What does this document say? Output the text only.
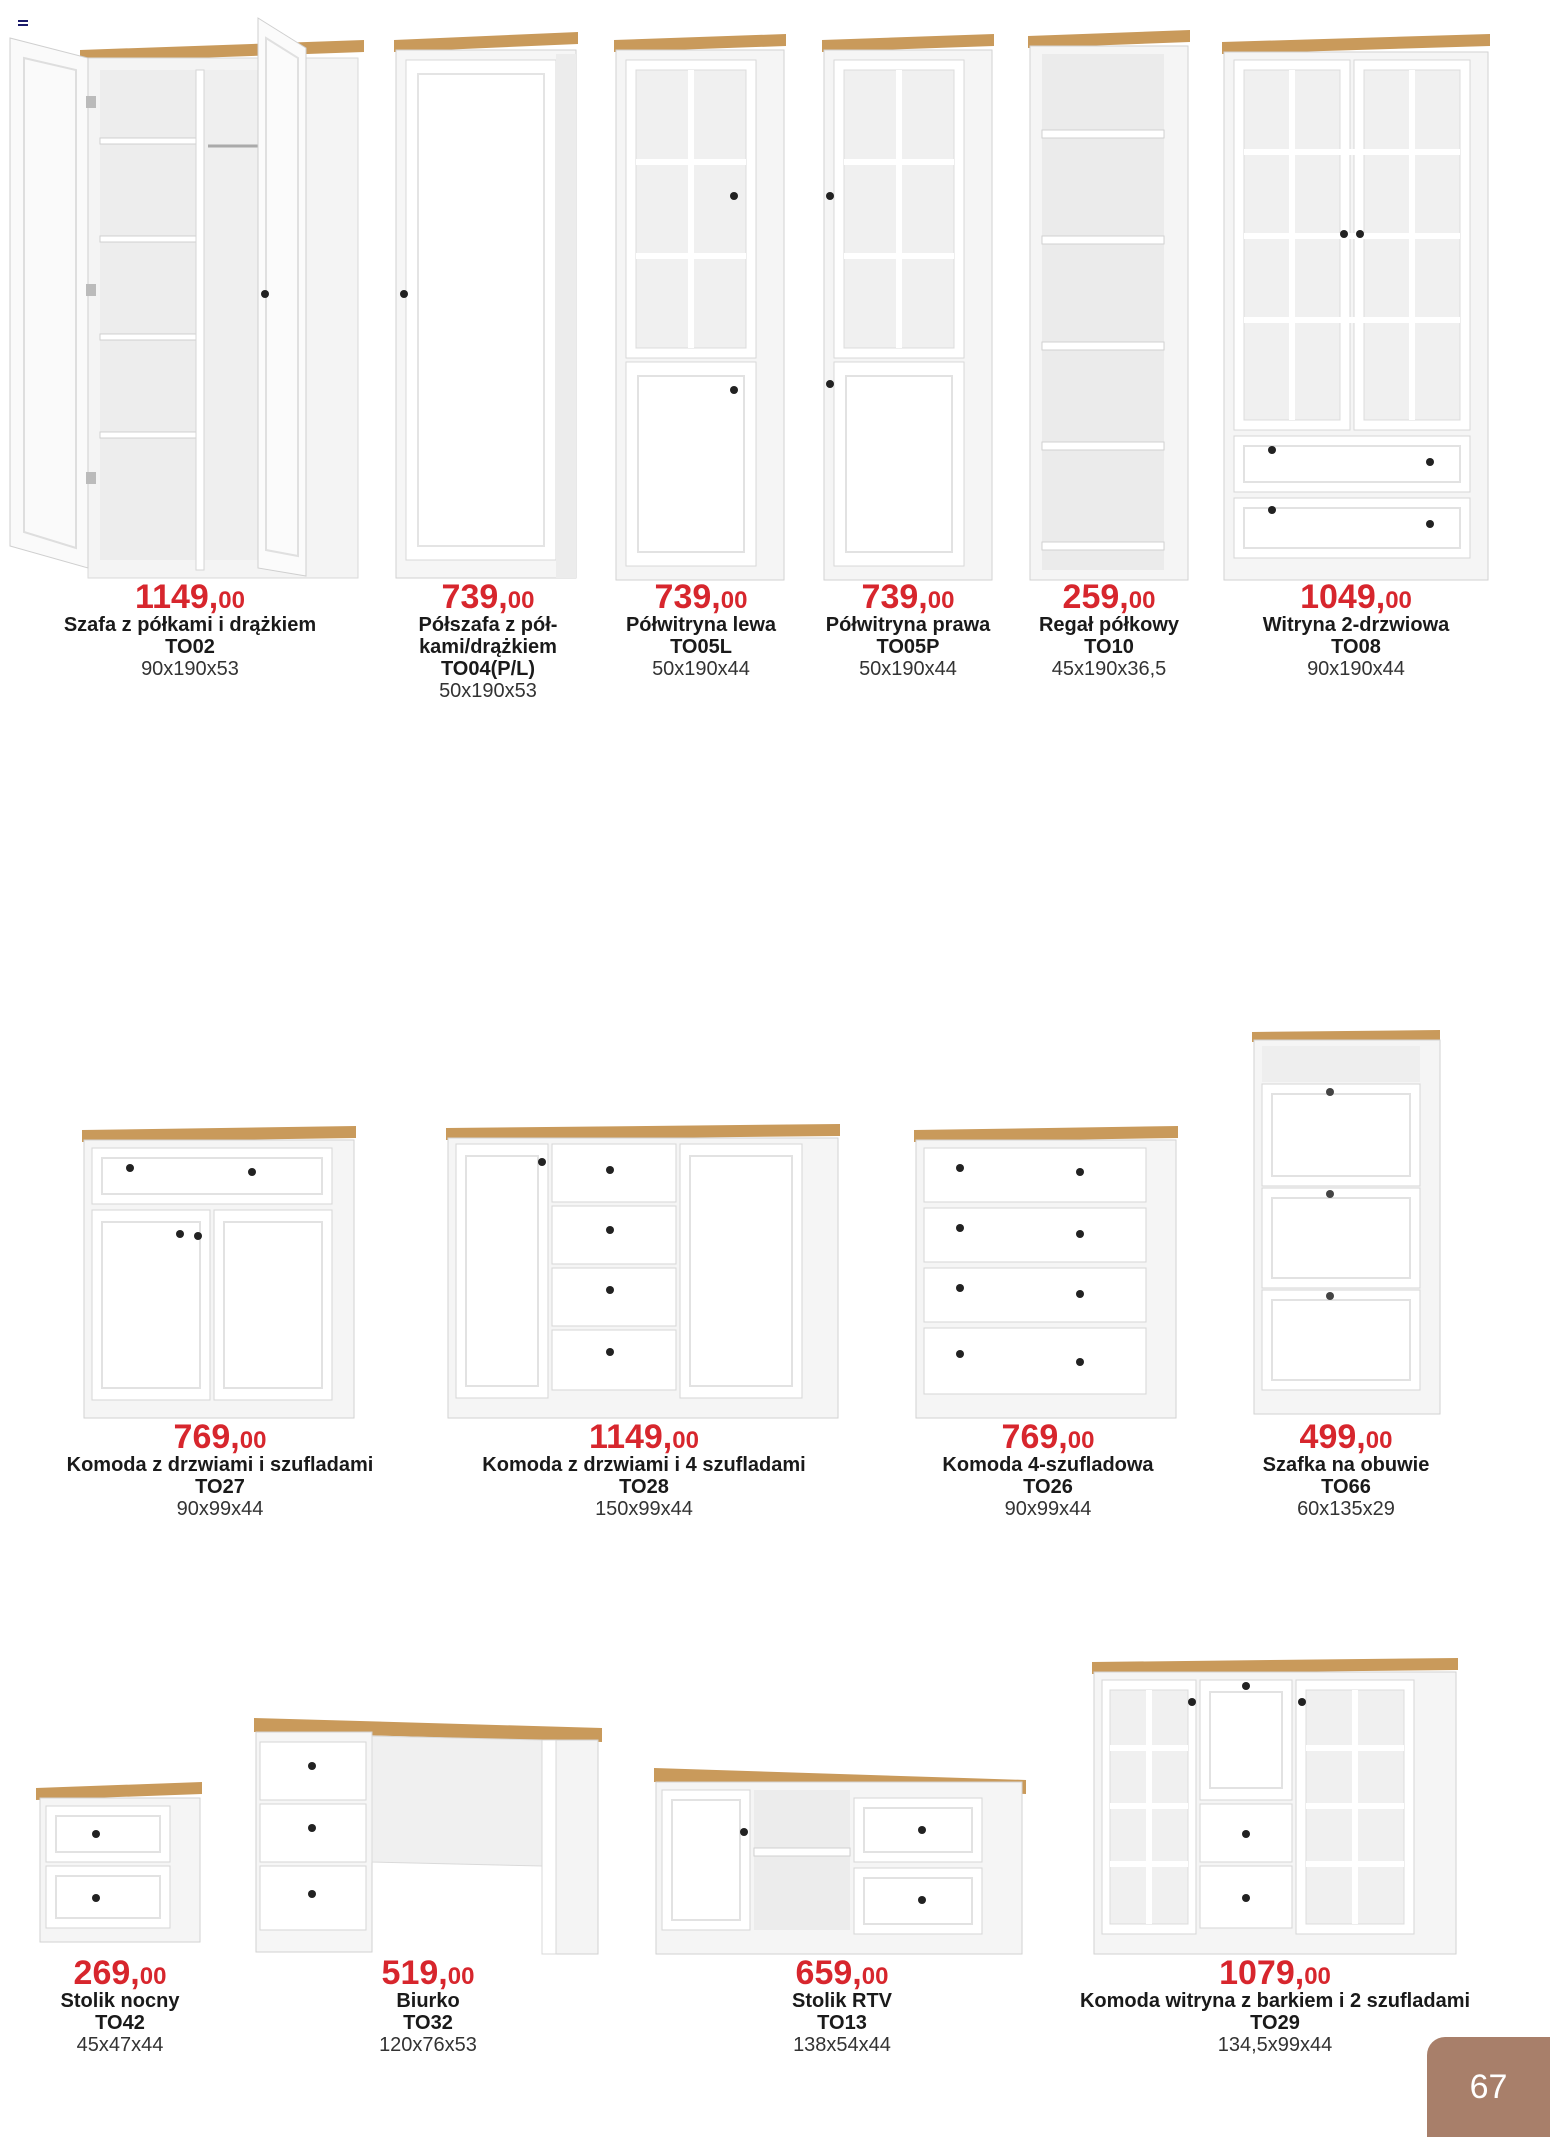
1149,00
Szafa z półkami i drążkiem
TO02
90x190x53
739,00
Półszafa z pół-
kami/drążkiem
TO04(P/L)
50x190x53
739,00
Półwitryna lewa
TO05L
50x190x44
739,00
Półwitryna prawa
TO05P
50x190x44
259,00
Regał półkowy
TO10
45x190x36,5
1049,00
Witryna 2-drzwiowa
TO08
90x190x44
769,00
Komoda z drzwiami i szufladami
TO27
90x99x44
1149,00
Komoda z drzwiami i 4 szufladami
TO28
150x99x44
769,00
Komoda 4-szufladowa
TO26
90x99x44
499,00
Szafka na obuwie
TO66
60x135x29
269,00
Stolik nocny
TO42
45x47x44
519,00
Biurko
TO32
120x76x53
659,00
Stolik RTV
TO13
138x54x44
1079,00
Komoda witryna z barkiem i 2 szufladami
TO29
134,5x99x44
67
